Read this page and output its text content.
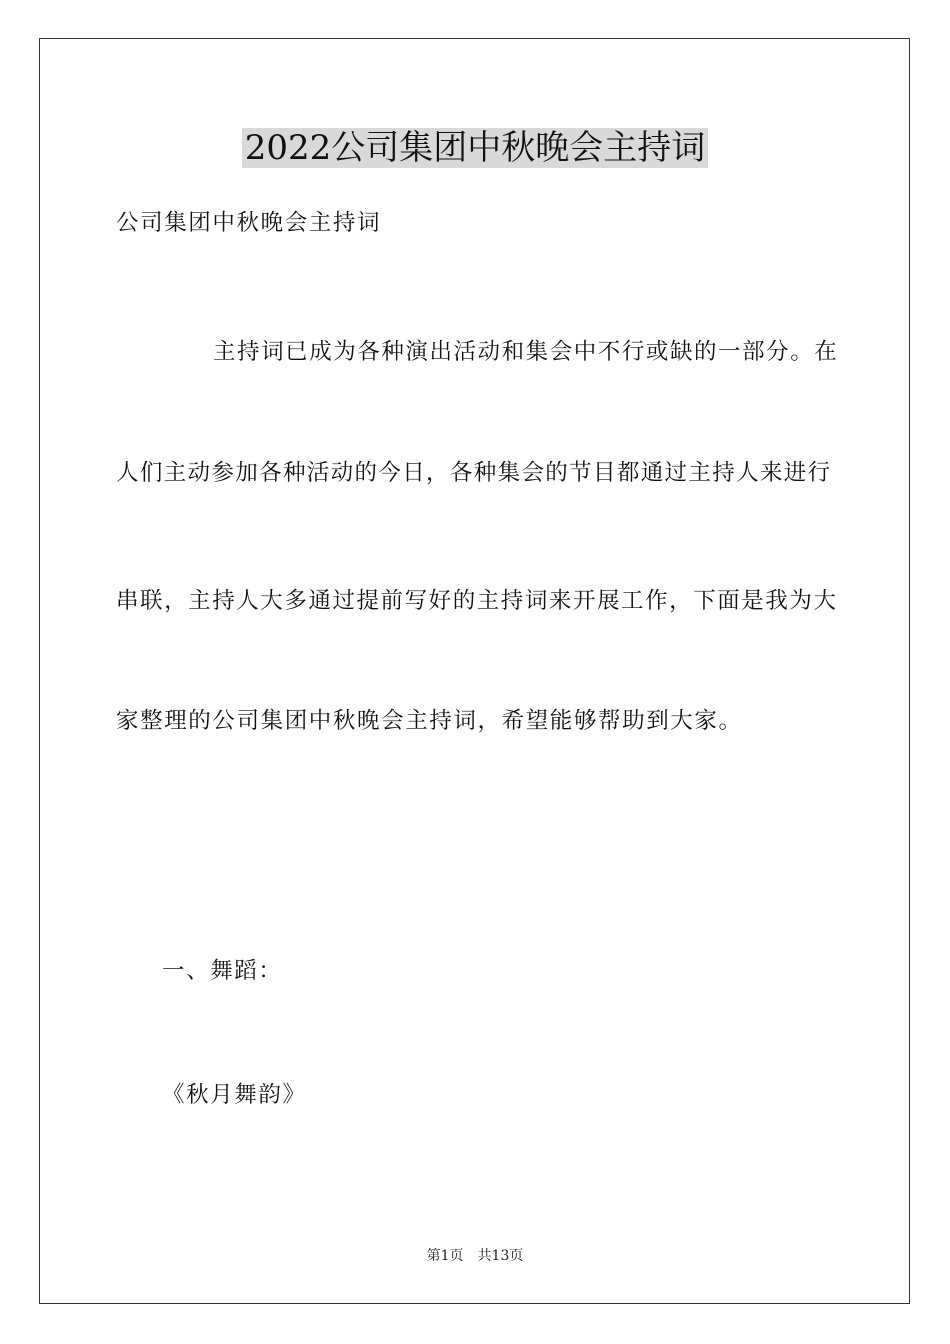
2022公司集团中秋晚会主持词
公司集团中秋晚会主持词
主持词已成为各种演出活动和集会中不行或缺的一部分。在
人们主动参加各种活动的今日，各种集会的节目都通过主持人来进行
串联，主持人大多通过提前写好的主持词来开展工作，下面是我为大
家整理的公司集团中秋晚会主持词，希望能够帮助到大家。
一、舞蹈：
《秋月舞韵》
第1页 共13页
